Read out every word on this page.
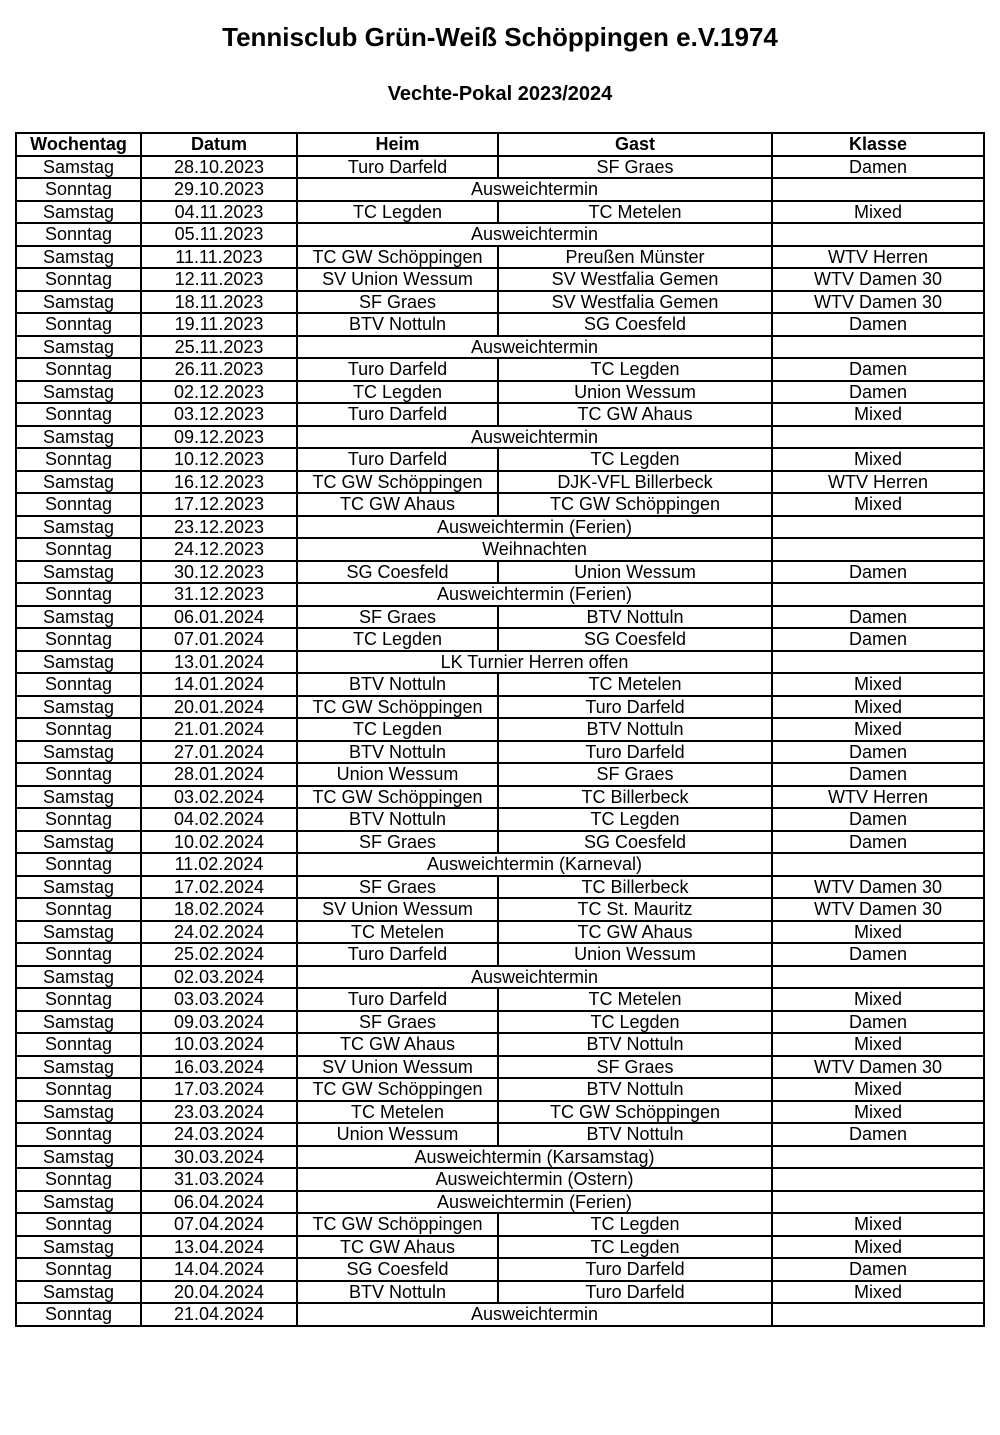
Tennisclub Grün-Weiß Schöppingen e.V.1974
Vechte-Pokal 2023/2024
Wochentag	Datum	Heim	Gast	Klasse
Samstag	28.10.2023	Turo Darfeld	SF Graes	Damen
Sonntag	29.10.2023	Ausweichtermin		
Samstag	04.11.2023	TC Legden	TC Metelen	Mixed
Sonntag	05.11.2023	Ausweichtermin		
Samstag	11.11.2023	TC GW Schöppingen	Preußen Münster	WTV Herren
Sonntag	12.11.2023	SV Union Wessum	SV Westfalia Gemen	WTV Damen 30
Samstag	18.11.2023	SF Graes	SV Westfalia Gemen	WTV Damen 30
Sonntag	19.11.2023	BTV Nottuln	SG Coesfeld	Damen
Samstag	25.11.2023	Ausweichtermin		
Sonntag	26.11.2023	Turo Darfeld	TC Legden	Damen
Samstag	02.12.2023	TC Legden	Union Wessum	Damen
Sonntag	03.12.2023	Turo Darfeld	TC GW Ahaus	Mixed
Samstag	09.12.2023	Ausweichtermin		
Sonntag	10.12.2023	Turo Darfeld	TC Legden	Mixed
Samstag	16.12.2023	TC GW Schöppingen	DJK-VFL Billerbeck	WTV Herren
Sonntag	17.12.2023	TC GW Ahaus	TC GW Schöppingen	Mixed
Samstag	23.12.2023	Ausweichtermin (Ferien)		
Sonntag	24.12.2023	Weihnachten		
Samstag	30.12.2023	SG Coesfeld	Union Wessum	Damen
Sonntag	31.12.2023	Ausweichtermin (Ferien)		
Samstag	06.01.2024	SF Graes	BTV Nottuln	Damen
Sonntag	07.01.2024	TC Legden	SG Coesfeld	Damen
Samstag	13.01.2024	LK Turnier Herren offen		
Sonntag	14.01.2024	BTV Nottuln	TC Metelen	Mixed
Samstag	20.01.2024	TC GW Schöppingen	Turo Darfeld	Mixed
Sonntag	21.01.2024	TC Legden	BTV Nottuln	Mixed
Samstag	27.01.2024	BTV Nottuln	Turo Darfeld	Damen
Sonntag	28.01.2024	Union Wessum	SF Graes	Damen
Samstag	03.02.2024	TC GW Schöppingen	TC Billerbeck	WTV Herren
Sonntag	04.02.2024	BTV Nottuln	TC Legden	Damen
Samstag	10.02.2024	SF Graes	SG Coesfeld	Damen
Sonntag	11.02.2024	Ausweichtermin (Karneval)		
Samstag	17.02.2024	SF Graes	TC Billerbeck	WTV Damen 30
Sonntag	18.02.2024	SV Union Wessum	TC St. Mauritz	WTV Damen 30
Samstag	24.02.2024	TC Metelen	TC GW Ahaus	Mixed
Sonntag	25.02.2024	Turo Darfeld	Union Wessum	Damen
Samstag	02.03.2024	Ausweichtermin		
Sonntag	03.03.2024	Turo Darfeld	TC Metelen	Mixed
Samstag	09.03.2024	SF Graes	TC Legden	Damen
Sonntag	10.03.2024	TC GW Ahaus	BTV Nottuln	Mixed
Samstag	16.03.2024	SV Union Wessum	SF Graes	WTV Damen 30
Sonntag	17.03.2024	TC GW Schöppingen	BTV Nottuln	Mixed
Samstag	23.03.2024	TC Metelen	TC GW Schöppingen	Mixed
Sonntag	24.03.2024	Union Wessum	BTV Nottuln	Damen
Samstag	30.03.2024	Ausweichtermin (Karsamstag)		
Sonntag	31.03.2024	Ausweichtermin (Ostern)		
Samstag	06.04.2024	Ausweichtermin (Ferien)		
Sonntag	07.04.2024	TC GW Schöppingen	TC Legden	Mixed
Samstag	13.04.2024	TC GW Ahaus	TC Legden	Mixed
Sonntag	14.04.2024	SG Coesfeld	Turo Darfeld	Damen
Samstag	20.04.2024	BTV Nottuln	Turo Darfeld	Mixed
Sonntag	21.04.2024	Ausweichtermin		
